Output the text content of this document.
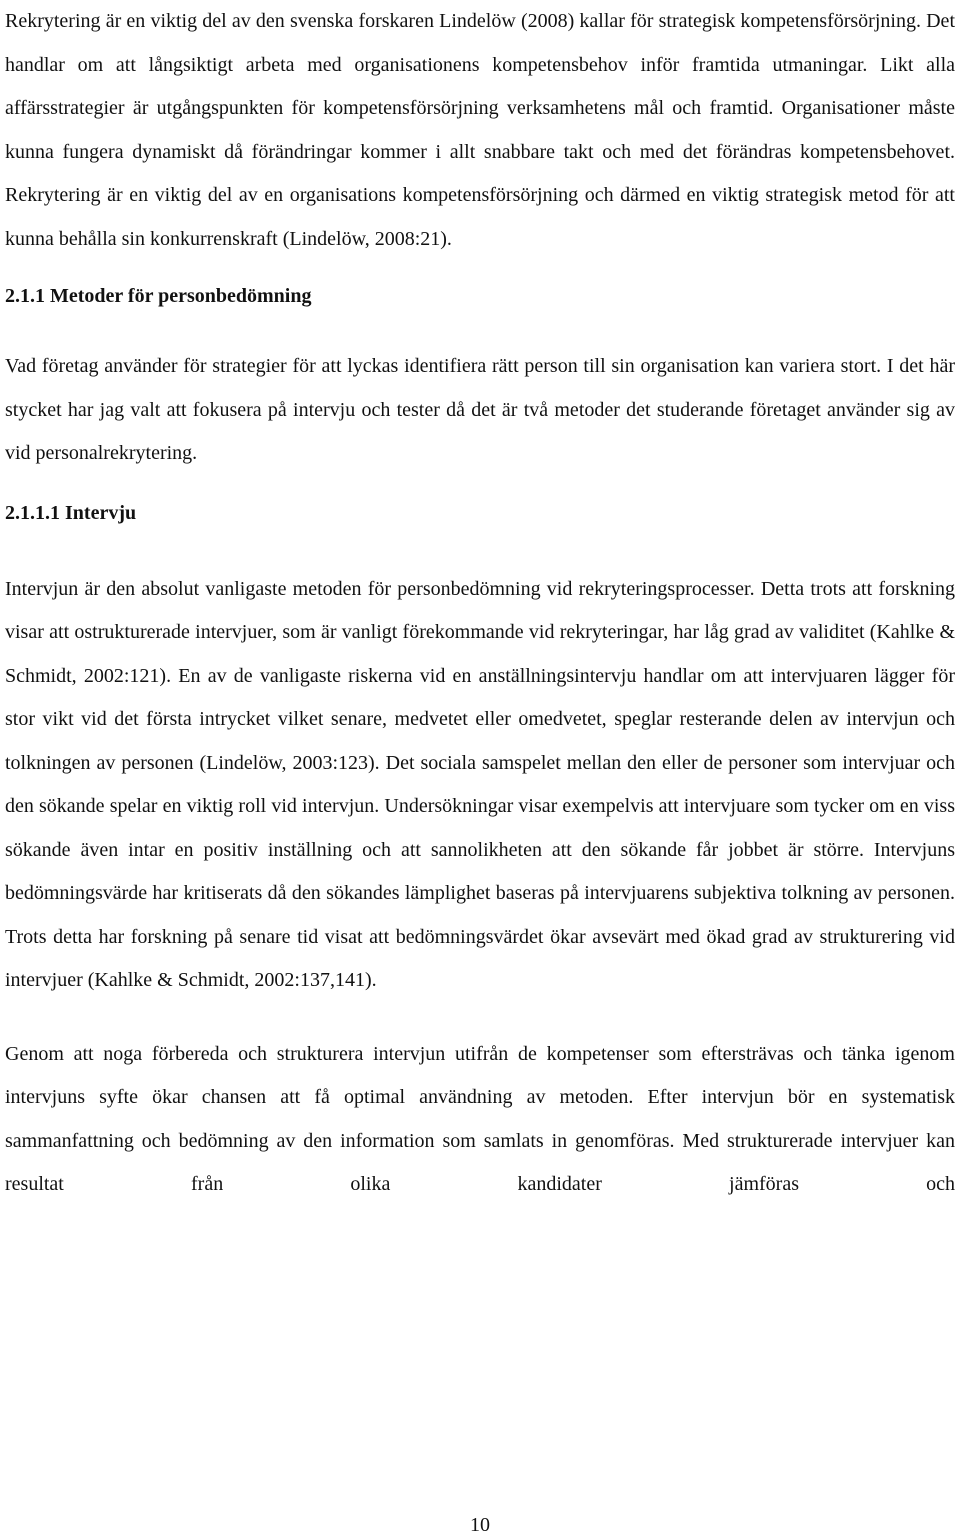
Rekrytering är en viktig del av den svenska forskaren Lindelöw (2008) kallar för strategisk kompetensförsörjning. Det handlar om att långsiktigt arbeta med organisationens kompetensbehov inför framtida utmaningar. Likt alla affärsstrategier är utgångspunkten för kompetensförsörjning verksamhetens mål och framtid. Organisationer måste kunna fungera dynamiskt då förändringar kommer i allt snabbare takt och med det förändras kompetensbehovet. Rekrytering är en viktig del av en organisations kompetensförsörjning och därmed en viktig strategisk metod för att kunna behålla sin konkurrenskraft (Lindelöw, 2008:21).

2.1.1 Metoder för personbedömning

Vad företag använder för strategier för att lyckas identifiera rätt person till sin organisation kan variera stort. I det här stycket har jag valt att fokusera på intervju och tester då det är två metoder det studerande företaget använder sig av vid personalrekrytering.

2.1.1.1 Intervju

Intervjun är den absolut vanligaste metoden för personbedömning vid rekryteringsprocesser. Detta trots att forskning visar att ostrukturerade intervjuer, som är vanligt förekommande vid rekryteringar, har låg grad av validitet (Kahlke & Schmidt, 2002:121). En av de vanligaste riskerna vid en anställningsintervju handlar om att intervjuaren lägger för stor vikt vid det första intrycket vilket senare, medvetet eller omedvetet, speglar resterande delen av intervjun och tolkningen av personen (Lindelöw, 2003:123). Det sociala samspelet mellan den eller de personer som intervjuar och den sökande spelar en viktig roll vid intervjun. Undersökningar visar exempelvis att intervjuare som tycker om en viss sökande även intar en positiv inställning och att sannolikheten att den sökande får jobbet är större. Intervjuns bedömningsvärde har kritiserats då den sökandes lämplighet baseras på intervjuarens subjektiva tolkning av personen. Trots detta har forskning på senare tid visat att bedömningsvärdet ökar avsevärt med ökad grad av strukturering vid intervjuer (Kahlke & Schmidt, 2002:137,141).

Genom att noga förbereda och strukturera intervjun utifrån de kompetenser som eftersträvas och tänka igenom intervjuns syfte ökar chansen att få optimal användning av metoden. Efter intervjun bör en systematisk sammanfattning och bedömning av den information som samlats in genomföras. Med strukturerade intervjuer kan resultat från olika kandidater jämföras och

10
